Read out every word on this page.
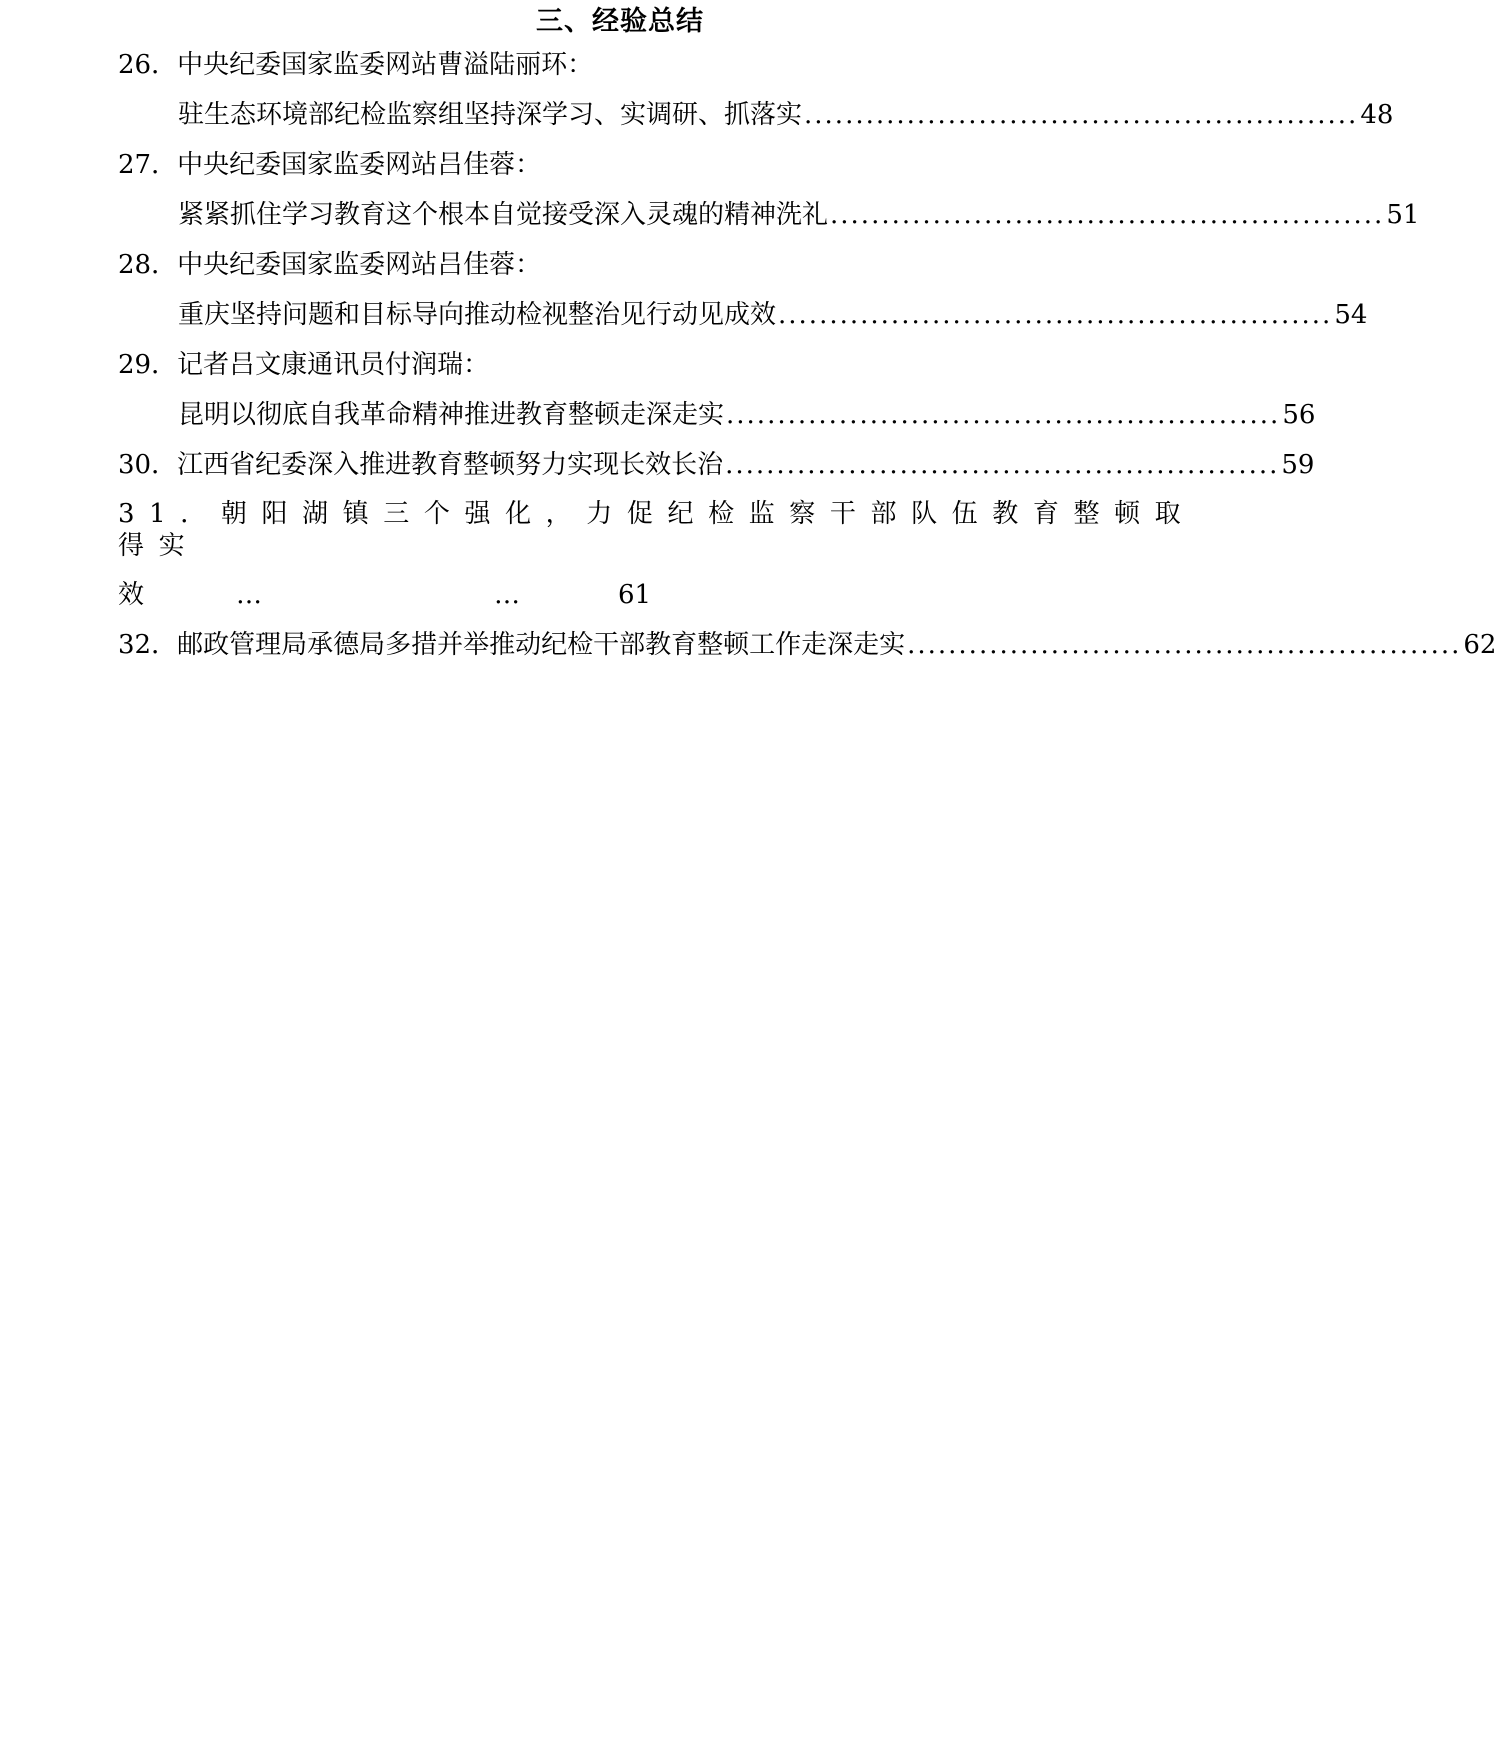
三、经验总结
26．中央纪委国家监委网站曹溢陆丽环：
驻生态环境部纪检监察组坚持深学习、实调研、抓落实 ...................................................... 48
27．中央纪委国家监委网站吕佳蓉：
紧紧抓住学习教育这个根本自觉接受深入灵魂的精神洗礼 ...................................................... 51
28．中央纪委国家监委网站吕佳蓉：
重庆坚持问题和目标导向推动检视整治见行动见成效 ...................................................... 54
29．记者吕文康通讯员付润瑞：
昆明以彻底自我革命精神推进教育整顿走深走实 ...................................................... 56
30．江西省纪委深入推进教育整顿努力实现长效长治 ...................................................... 59
31．朝阳湖镇三个强化，力促纪检监察干部队伍教育整顿取得实
效	…	…	61
32．邮政管理局承德局多措并举推动纪检干部教育整顿工作走深走实 ...................................................... 62
